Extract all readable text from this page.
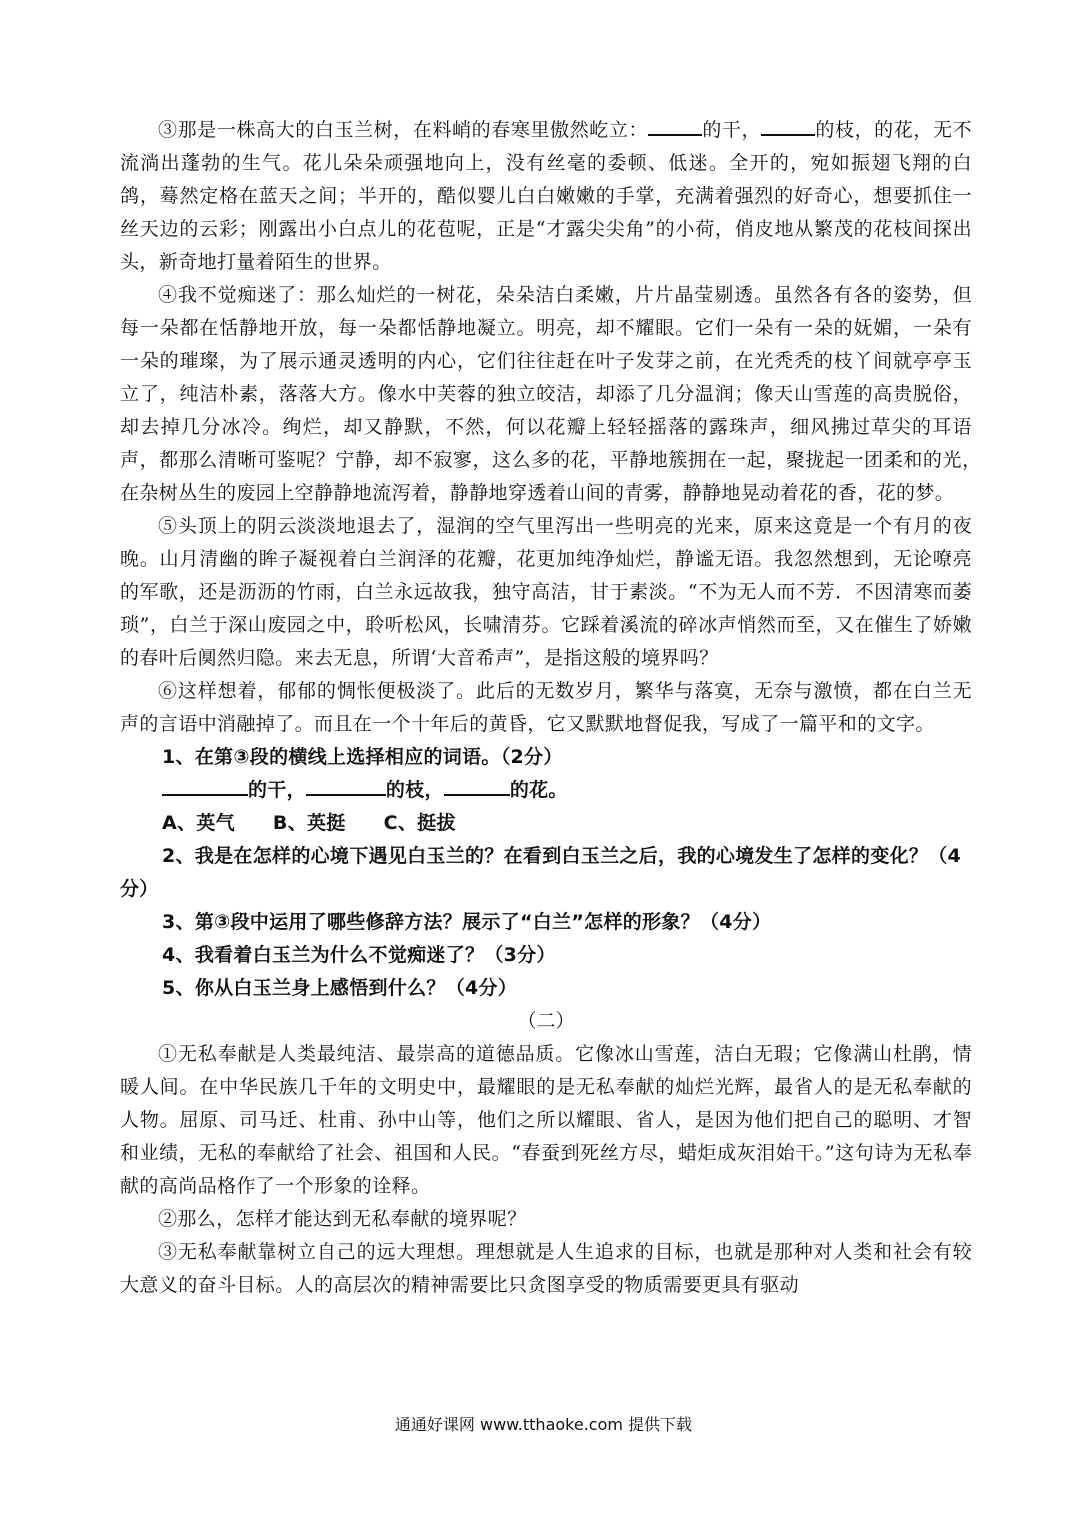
③那是一株高大的白玉兰树，在料峭的春寒里傲然屹立：	的干，	的枝，的花，无不流淌出蓬勃的生气。花儿朵朵顽强地向上，没有丝毫的委顿、低迷。全开的，宛如振翅飞翔的白鸽，蓦然定格在蓝天之间；半开的，酷似婴儿白白嫩嫩的手掌，充满着强烈的好奇心，想要抓住一丝天边的云彩；刚露出小白点儿的花苞呢，正是“才露尖尖角”的小荷，俏皮地从繁茂的花枝间探出头，新奇地打量着陌生的世界。

④我不觉痴迷了：那么灿烂的一树花，朵朵洁白柔嫩，片片晶莹剔透。虽然各有各的姿势，但每一朵都在恬静地开放，每一朵都恬静地凝立。明亮，却不耀眼。它们一朵有一朵的妩媚，一朵有一朵的璀璨，为了展示通灵透明的内心，它们往往赶在叶子发芽之前，在光秃秃的枝丫间就亭亭玉立了，纯洁朴素，落落大方。像水中芙蓉的独立皎洁，却添了几分温润；像天山雪莲的高贵脱俗，却去掉几分冰冷。绚烂，却又静默，不然，何以花瓣上轻轻摇落的露珠声，细风拂过草尖的耳语声，都那么清晰可鉴呢？宁静，却不寂寥，这么多的花，平静地簇拥在一起，聚拢起一团柔和的光，　在杂树丛生的废园上空静静地流泻着，静静地穿透着山间的青雾，静静地晃动着花的香，花的梦。

⑤头顶上的阴云淡淡地退去了，湿润的空气里泻出一些明亮的光来，原来这竟是一个有月的夜晚。山月清幽的眸子凝视着白兰润泽的花瓣，花更加纯净灿烂，静谧无语。我忽然想到，无论嘹亮的军歌，还是沥沥的竹雨，白兰永远故我，独守高洁，甘于素淡。“不为无人而不芳．不因清寒而萎琐”，白兰于深山废园之中，聆听松风，长啸清芬。它踩着溪流的碎冰声悄然而至，又在催生了娇嫩的春叶后阒然归隐。来去无息，所谓‘大音希声”，是指这般的境界吗？

⑥这样想着，郁郁的惆怅便极淡了。此后的无数岁月，繁华与落寞，无奈与激愤，都在白兰无声的言语中消融掉了。而且在一个十年后的黄昏，它又默默地督促我，写成了一篇平和的文字。

1、在第③段的横线上选择相应的词语。（2分）

的干，	的枝，	的花。

A、英气 B、英挺 C、挺拔

2、我是在怎样的心境下遇见白玉兰的？在看到白玉兰之后，我的心境发生了怎样的变化？（4分）

3、第③段中运用了哪些修辞方法？展示了“白兰”怎样的形象？（4分）

4、我看着白玉兰为什么不觉痴迷了？（3分）

5、你从白玉兰身上感悟到什么？（4分）

（二）

①无私奉献是人类最纯洁、最崇高的道德品质。它像冰山雪莲，洁白无瑕；它像满山杜鹃，情暖人间。在中华民族几千年的文明史中，最耀眼的是无私奉献的灿烂光辉，最省人的是无私奉献的人物。屈原、司马迁、杜甫、孙中山等，他们之所以耀眼、省人，是因为他们把自己的聪明、才智和业绩，无私的奉献给了社会、祖国和人民。“春蚕到死丝方尽，蜡炬成灰泪始干。”这句诗为无私奉献的高尚品格作了一个形象的诠释。

②那么，怎样才能达到无私奉献的境界呢？

③无私奉献靠树立自己的远大理想。理想就是人生追求的目标，也就是那种对人类和社会有较大意义的奋斗目标。人的高层次的精神需要比只贪图享受的物质需要更具有驱动

通通好课网 www.tthaoke.com 提供下载
